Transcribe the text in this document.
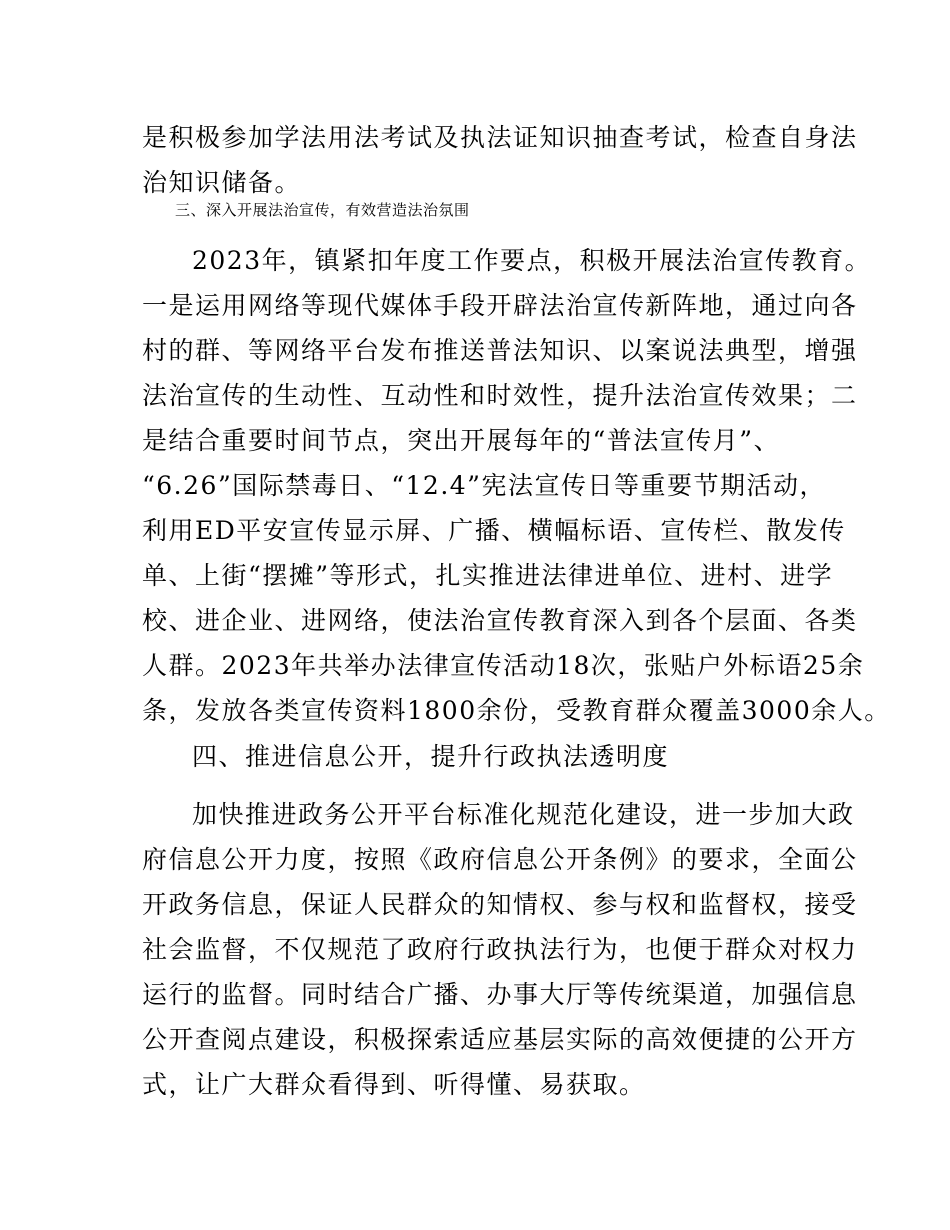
是积极参加学法用法考试及执法证知识抽查考试，检查自身法
治知识储备。
三、深入开展法治宣传，有效营造法治氛围
2023年，镇紧扣年度工作要点，积极开展法治宣传教育。
一是运用网络等现代媒体手段开辟法治宣传新阵地，通过向各
村的群、等网络平台发布推送普法知识、以案说法典型，增强
法治宣传的生动性、互动性和时效性，提升法治宣传效果；二
是结合重要时间节点，突出开展每年的“普法宣传月”、
“6.26”国际禁毒日、“12.4”宪法宣传日等重要节期活动，
利用ED平安宣传显示屏、广播、横幅标语、宣传栏、散发传
单、上街“摆摊”等形式，扎实推进法律进单位、进村、进学
校、进企业、进网络，使法治宣传教育深入到各个层面、各类
人群。2023年共举办法律宣传活动18次，张贴户外标语25余
条，发放各类宣传资料1800余份，受教育群众覆盖3000余人。
四、推进信息公开，提升行政执法透明度
加快推进政务公开平台标准化规范化建设，进一步加大政
府信息公开力度，按照《政府信息公开条例》的要求，全面公
开政务信息，保证人民群众的知情权、参与权和监督权，接受
社会监督，不仅规范了政府行政执法行为，也便于群众对权力
运行的监督。同时结合广播、办事大厅等传统渠道，加强信息
公开查阅点建设，积极探索适应基层实际的高效便捷的公开方
式，让广大群众看得到、听得懂、易获取。
